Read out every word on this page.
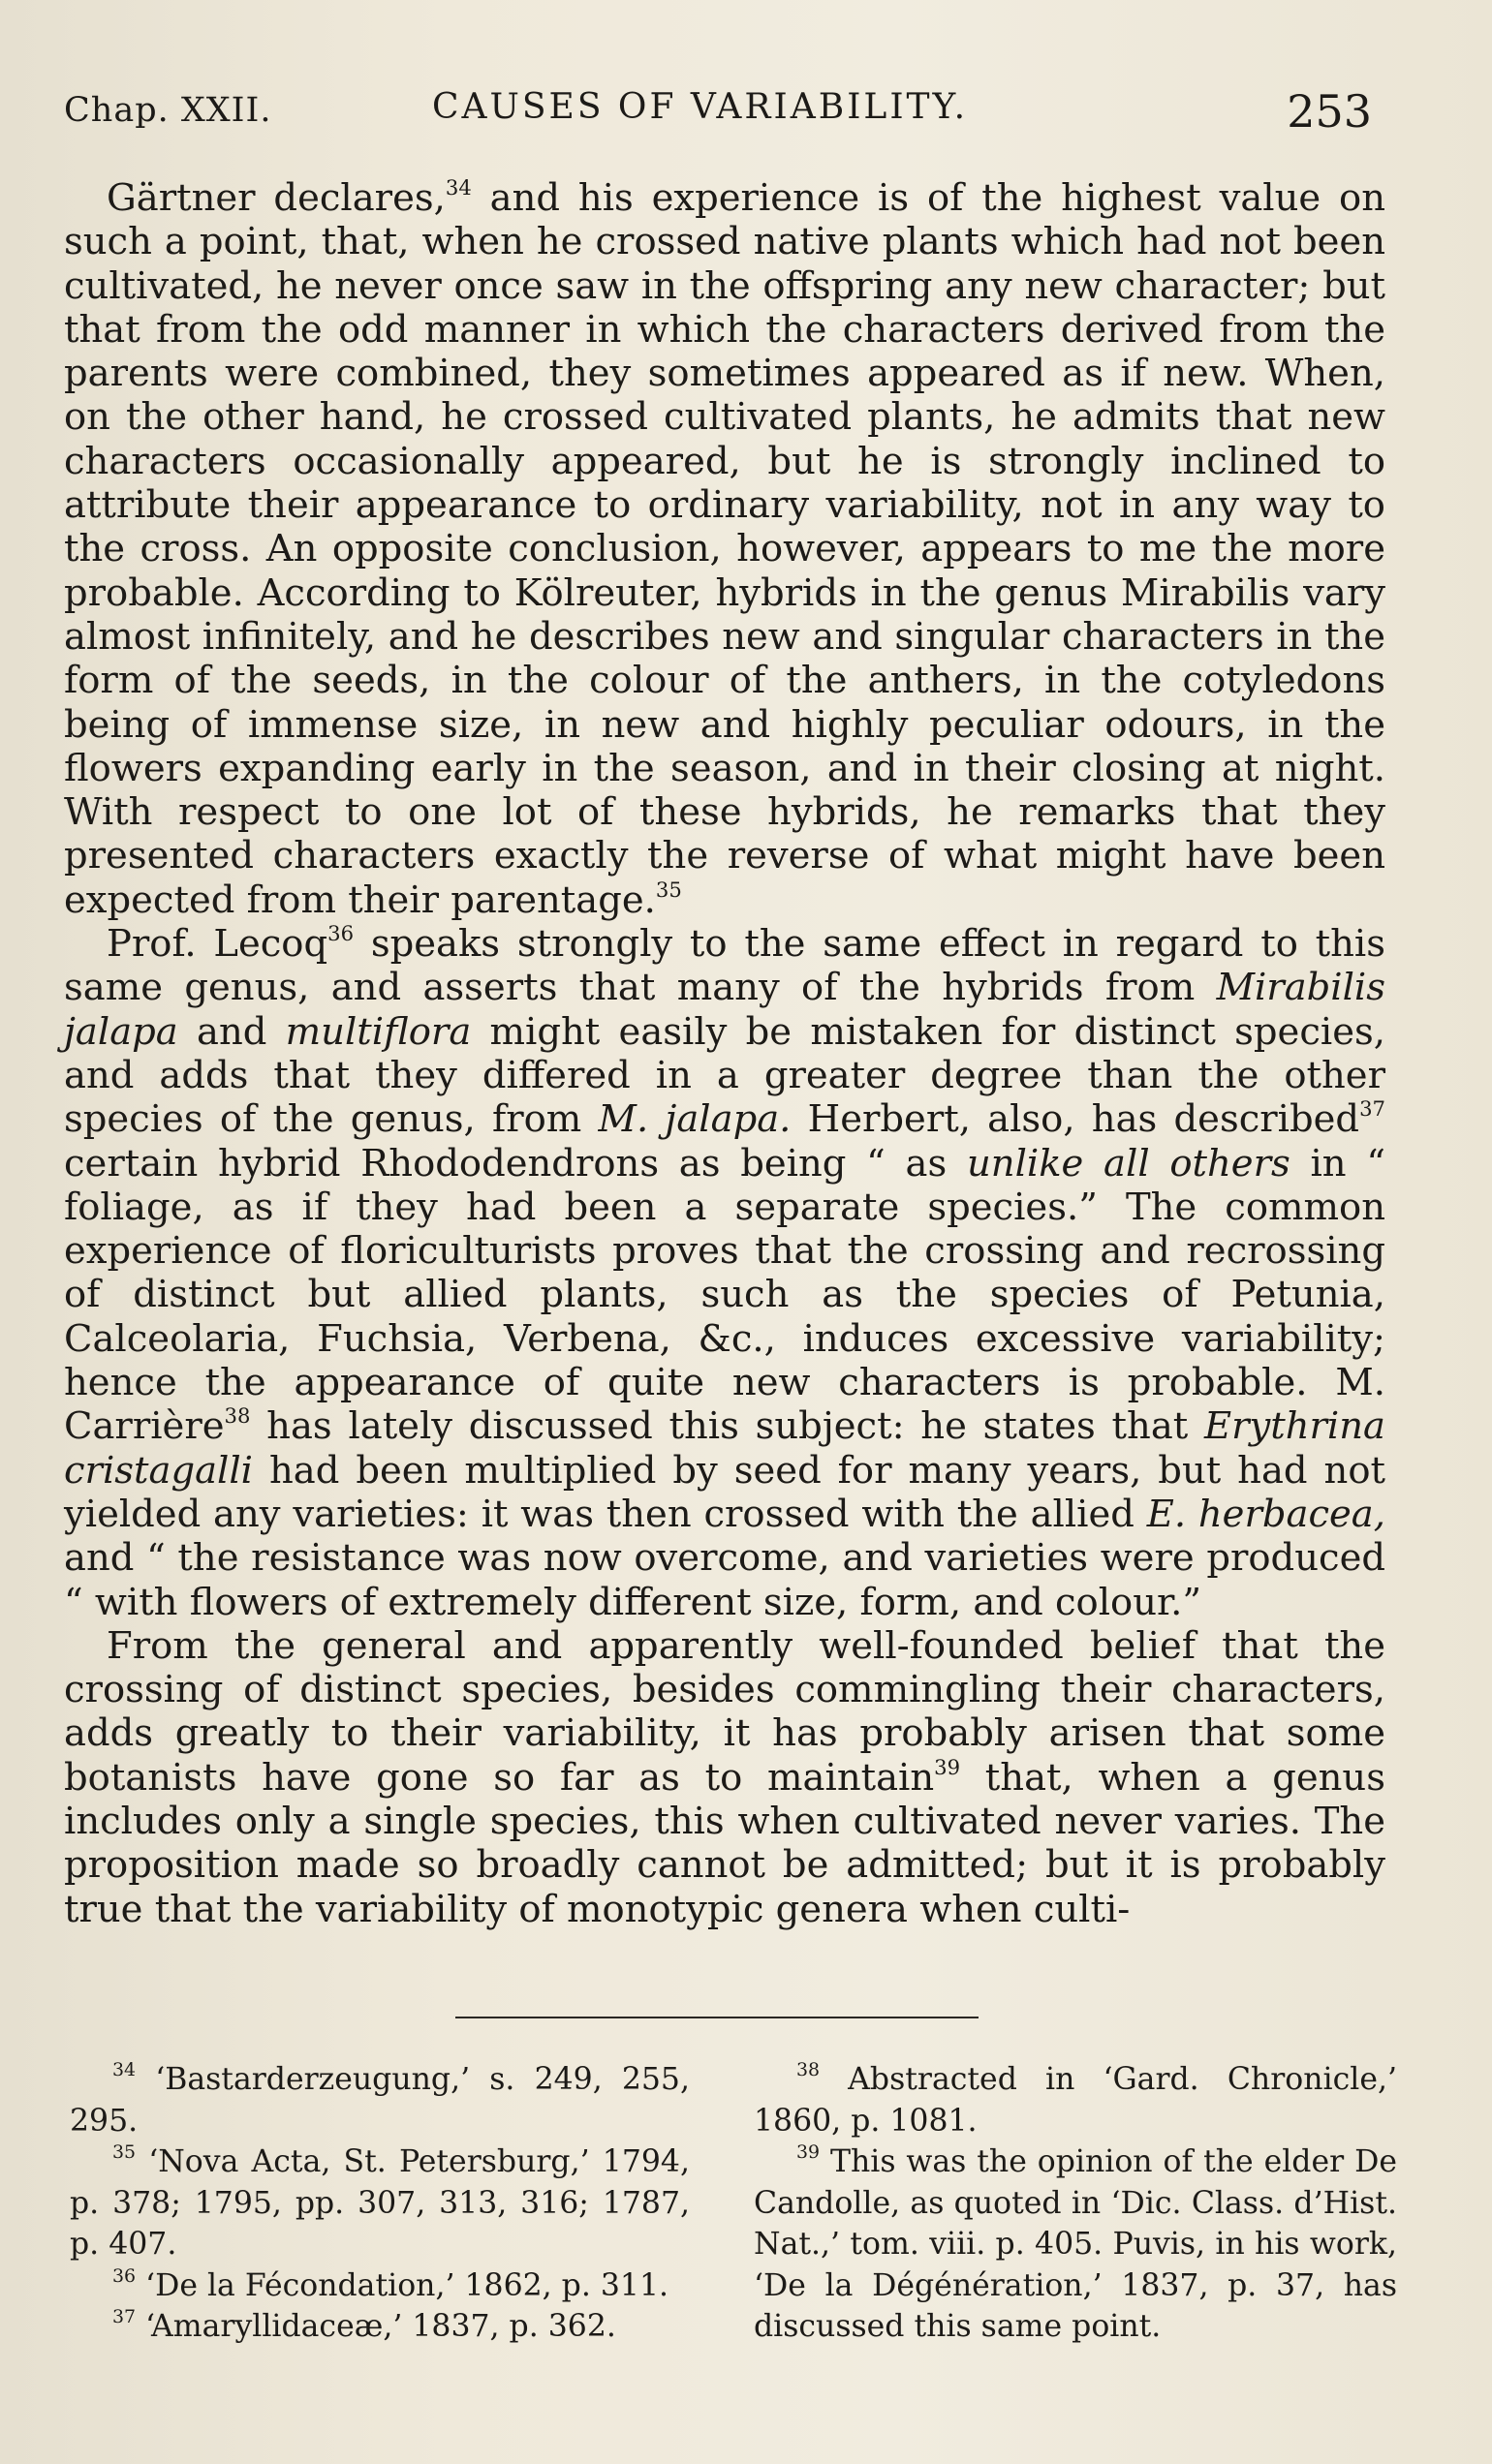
Chap. XXII.	CAUSES OF VARIABILITY.	253

Gärtner declares,$^{34}$ and his experience is of the highest value on such a point, that, when he crossed native plants which had not been cultivated, he never once saw in the offspring any new character; but that from the odd manner in which the characters derived from the parents were combined, they sometimes appeared as if new. When, on the other hand, he crossed cultivated plants, he admits that new characters occasionally appeared, but he is strongly inclined to attribute their appearance to ordinary variability, not in any way to the cross. An opposite conclusion, however, appears to me the more probable. According to Kölreuter, hybrids in the genus Mirabilis vary almost infinitely, and he describes new and singular characters in the form of the seeds, in the colour of the anthers, in the cotyledons being of immense size, in new and highly peculiar odours, in the flowers expanding early in the season, and in their closing at night. With respect to one lot of these hybrids, he remarks that they presented characters exactly the reverse of what might have been expected from their parentage.$^{35}$

Prof. Lecoq$^{36}$ speaks strongly to the same effect in regard to this same genus, and asserts that many of the hybrids from Mirabilis jalapa and multiflora might easily be mistaken for distinct species, and adds that they differed in a greater degree than the other species of the genus, from M. jalapa. Herbert, also, has described$^{37}$ certain hybrid Rhododendrons as being “ as unlike all others in “ foliage, as if they had been a separate species.” The common experience of floriculturists proves that the crossing and recrossing of distinct but allied plants, such as the species of Petunia, Calceolaria, Fuchsia, Verbena, &c., induces excessive variability; hence the appearance of quite new characters is probable. M. Carrière$^{38}$ has lately discussed this subject: he states that Erythrina cristagalli had been multiplied by seed for many years, but had not yielded any varieties: it was then crossed with the allied E. herbacea, and “ the resistance was now overcome, and varieties were produced “ with flowers of extremely different size, form, and colour.”

From the general and apparently well-founded belief that the crossing of distinct species, besides commingling their characters, adds greatly to their variability, it has probably arisen that some botanists have gone so far as to maintain$^{39}$ that, when a genus includes only a single species, this when cultivated never varies. The proposition made so broadly cannot be admitted; but it is probably true that the variability of monotypic genera when culti-

$^{34}$ ‘Bastarderzeugung,’ s. 249, 255, 295.

$^{35}$ ‘Nova Acta, St. Petersburg,’ 1794, p. 378; 1795, pp. 307, 313, 316; 1787, p. 407.

$^{36}$ ‘De la Fécondation,’ 1862, p. 311.

$^{37}$ ‘Amaryllidaceæ,’ 1837, p. 362.

$^{38}$ Abstracted in ‘Gard. Chronicle,’ 1860, p. 1081.

$^{39}$ This was the opinion of the elder De Candolle, as quoted in ‘Dic. Class. d’Hist. Nat.,’ tom. viii. p. 405. Puvis, in his work, ‘De la Dégénération,’ 1837, p. 37, has discussed this same point.
